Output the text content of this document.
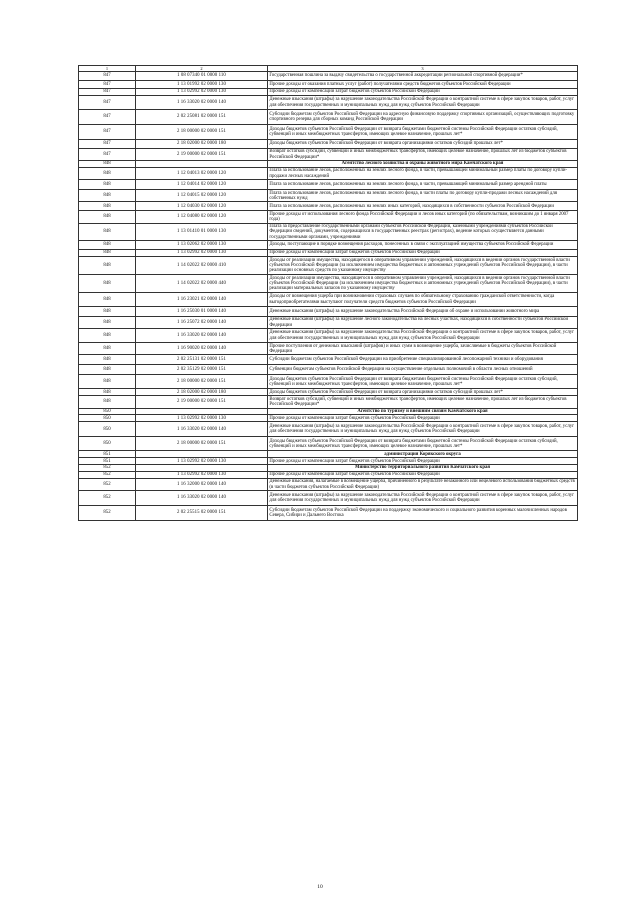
1	2	3
847	1 08 07340 01 0000 110	Государственная пошлина за выдачу свидетельства о государственной аккредитации региональной спортивной федерации*
847	1 13 01992 02 0000 130	Прочие доходы от оказания платных услуг (работ) получателями средств бюджетов субъектов Российской Федерации
847	1 13 02992 02 0000 130	Прочие доходы от компенсации затрат бюджетов субъектов Российской Федерации
847	1 16 33020 02 0000 140	Денежные взыскания (штрафы) за нарушение законодательства Российской Федерации о контрактной системе в сфере закупок товаров, работ, услуг для обеспечения государственных и муниципальных нужд для нужд субъектов Российской Федерации
847	2 02 25081 02 0000 151	Субсидии бюджетам субъектов Российской Федерации на адресную финансовую поддержку спортивных организаций, осуществляющих подготовку спортивного резерва для сборных команд Российской Федерации
847	2 18 00000 02 0000 151	Доходы бюджетов субъектов Российской Федерации от возврата бюджетами бюджетной системы Российской Федерации остатков субсидий, субвенций и иных межбюджетных трансфертов, имеющих целевое назначение, прошлых лет*
847	2 18 02000 02 0000 180	Доходы бюджетов субъектов Российской Федерации от возврата организациями остатков субсидий прошлых лет*
847	2 19 00000 02 0000 151	Возврат остатков субсидий, субвенций и иных межбюджетных трансфертов, имеющих целевое назначение, прошлых лет из бюджетов субъектов Российской Федерации*
848		Агентство лесного хозяйства и охраны животного мира Камчатского края
848	1 12 04013 02 0000 120	Плата за использование лесов, расположенных на землях лесного фонда, в части, превышающей минимальный размер платы по договору купли-продажи лесных насаждений
848	1 12 04014 02 0000 120	Плата за использование лесов, расположенных на землях лесного фонда, в части, превышающей минимальный размер арендной платы
848	1 12 04015 02 0000 120	Плата за использование лесов, расположенных на землях лесного фонда, в части платы по договору купли-продажи лесных насаждений для собственных нужд
848	1 12 04030 02 0000 120	Плата за использование лесов, расположенных на землях иных категорий, находящихся в собственности субъектов Российской Федерации
848	1 12 04080 02 0000 120	Прочие доходы от использования лесного фонда Российской Федерации и лесов иных категорий (по обязательствам, возникшим до 1 января 2007 года)
848	1 13 01410 01 0000 130	Плата за предоставление государственными органами субъектов Российской Федерации, казенными учреждениями субъектов Российской Федерации сведений, документов, содержащихся в государственных реестрах (регистрах), ведение которых осуществляется данными государственными органами, учреждениями
848	1 13 02062 02 0000 130	Доходы, поступающие в порядке возмещения расходов, понесенных в связи с эксплуатацией имущества субъектов Российской Федерации
848	1 13 02992 02 0000 130	Прочие доходы от компенсации затрат бюджетов субъектов Российской Федерации
848	1 14 02022 02 0000 410	Доходы от реализации имущества, находящегося в оперативном управлении учреждений, находящихся в ведении органов государственной власти субъектов Российской Федерации (за исключением имущества бюджетных и автономных учреждений субъектов Российской Федерации), в части реализации основных средств по указанному имуществу
848	1 14 02022 02 0000 440	Доходы от реализации имущества, находящегося в оперативном управлении учреждений, находящихся в ведении органов государственной власти субъектов Российской Федерации (за исключением имущества бюджетных и автономных учреждений субъектов Российской Федерации), в части реализации материальных запасов по указанному имуществу
848	1 16 23021 02 0000 140	Доходы от возмещения ущерба при возникновении страховых случаев по обязательному страхованию гражданской ответственности, когда выгодоприобретателями выступают получатели средств бюджетов субъектов Российской Федерации
848	1 16 25030 01 0000 140	Денежные взыскания (штрафы) за нарушение законодательства Российской Федерации об охране и использовании животного мира
848	1 16 25072 02 0000 140	Денежные взыскания (штрафы) за нарушение лесного законодательства на лесных участках, находящихся в собственности субъектов Российской Федерации
848	1 16 33020 02 0000 140	Денежные взыскания (штрафы) за нарушение законодательства Российской Федерации о контрактной системе в сфере закупок товаров, работ, услуг для обеспечения государственных и муниципальных нужд для нужд субъектов Российской Федерации
848	1 16 90020 02 0000 140	Прочие поступления от денежных взысканий (штрафов) и иных сумм в возмещение ущерба, зачисляемые в бюджеты субъектов Российской Федерации
848	2 02 25131 02 0000 151	Субсидии бюджетам субъектов Российской Федерации на приобретение специализированной лесопожарной техники и оборудования
848	2 02 35129 02 0000 151	Субвенции бюджетам субъектов Российской Федерации на осуществление отдельных полномочий в области лесных отношений
848	2 18 00000 02 0000 151	Доходы бюджетов субъектов Российской Федерации от возврата бюджетами бюджетной системы Российской Федерации остатков субсидий, субвенций и иных межбюджетных трансфертов, имеющих целевое назначение, прошлых лет*
848	2 18 02000 02 0000 180	Доходы бюджетов субъектов Российской Федерации от возврата организациями остатков субсидий прошлых лет*
848	2 19 00000 02 0000 151	Возврат остатков субсидий, субвенций и иных межбюджетных трансфертов, имеющих целевое назначение, прошлых лет из бюджетов субъектов Российской Федерации*
850		Агентство по туризму и внешним связям Камчатского края
850	1 13 02992 02 0000 130	Прочие доходы от компенсации затрат бюджетов субъектов Российской Федерации
850	1 16 33020 02 0000 140	Денежные взыскания (штрафы) за нарушение законодательства Российской Федерации о контрактной системе в сфере закупок товаров, работ, услуг для обеспечения государственных и муниципальных нужд для нужд субъектов Российской Федерации
850	2 18 00000 02 0000 151	Доходы бюджетов субъектов Российской Федерации от возврата бюджетами бюджетной системы Российской Федерации остатков субсидий, субвенций и иных межбюджетных трансфертов, имеющих целевое назначение, прошлых лет*
851		администрация Корякского округа
851	1 13 02992 02 0000 130	Прочие доходы от компенсации затрат бюджетов субъектов Российской Федерации
852		Министерство территориального развития Камчатского края
852	1 13 02992 02 0000 130	Прочие доходы от компенсации затрат бюджетов субъектов Российской Федерации
852	1 16 32000 02 0000 140	Денежные взыскания, налагаемые в возмещение ущерба, причиненного в результате незаконного или нецелевого использования бюджетных средств (в части бюджетов субъектов Российской Федерации)
852	1 16 33020 02 0000 140	Денежные взыскания (штрафы) за нарушение законодательства Российской Федерации о контрактной системе в сфере закупок товаров, работ, услуг для обеспечения государственных и муниципальных нужд для нужд субъектов Российской Федерации
852	2 02 25515 02 0000 151	Субсидии бюджетам субъектов Российской Федерации на поддержку экономического и социального развития коренных малочисленных народов Севера, Сибири и Дальнего Востока
10
